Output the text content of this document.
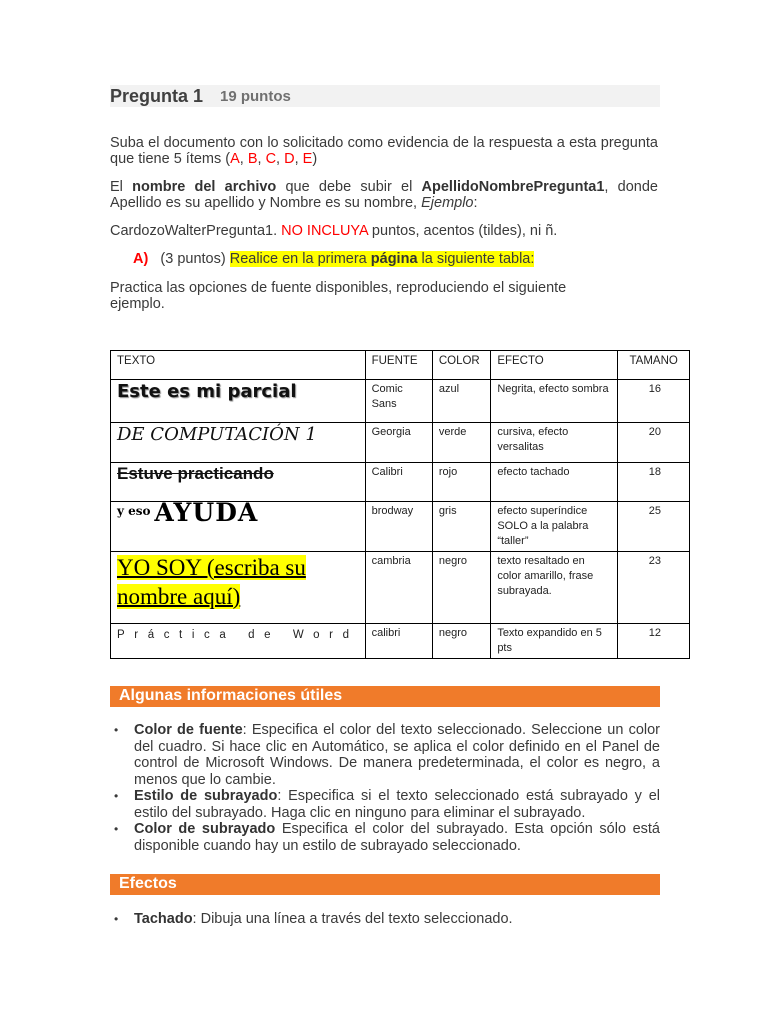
Pregunta 1 19 puntos
Suba el documento con lo solicitado como evidencia de la respuesta a esta pregunta que tiene 5 ítems (A, B, C, D, E)
El nombre del archivo que debe subir el ApellidoNombrePregunta1, donde Apellido es su apellido y Nombre es su nombre, Ejemplo:
CardozoWalterPregunta1. NO INCLUYA puntos, acentos (tildes), ni ñ.
A) (3 puntos) Realice en la primera página la siguiente tabla:
Practica las opciones de fuente disponibles, reproduciendo el siguiente ejemplo.
TEXTO	FUENTE	COLOR	EFECTO	TAMANO
Este es mi parcial	Comic Sans	azul	Negrita, efecto sombra	16
DE COMPUTACIÓN 1	Georgia	verde	cursiva, efecto versalitas	20
Estuve practicando	Calibri	rojo	efecto tachado	18
y eso AYUDA	brodway	gris	efecto superíndice SOLO a la palabra “taller”	25

YO SOY (escriba su nombre aquí)	cambria	negro	texto resaltado en color amarillo, frase subrayada.	23
Práctica de Word	calibri	negro	Texto expandido en 5 pts	12
Algunas informaciones útiles
• Color de fuente: Especifica el color del texto seleccionado. Seleccione un color del cuadro. Si hace clic en Automático, se aplica el color definido en el Panel de control de Microsoft Windows. De manera predeterminada, el color es negro, a menos que lo cambie.
• Estilo de subrayado: Especifica si el texto seleccionado está subrayado y el estilo del subrayado. Haga clic en ninguno para eliminar el subrayado.
• Color de subrayado Especifica el color del subrayado. Esta opción sólo está disponible cuando hay un estilo de subrayado seleccionado.
Efectos
• Tachado: Dibuja una línea a través del texto seleccionado.
